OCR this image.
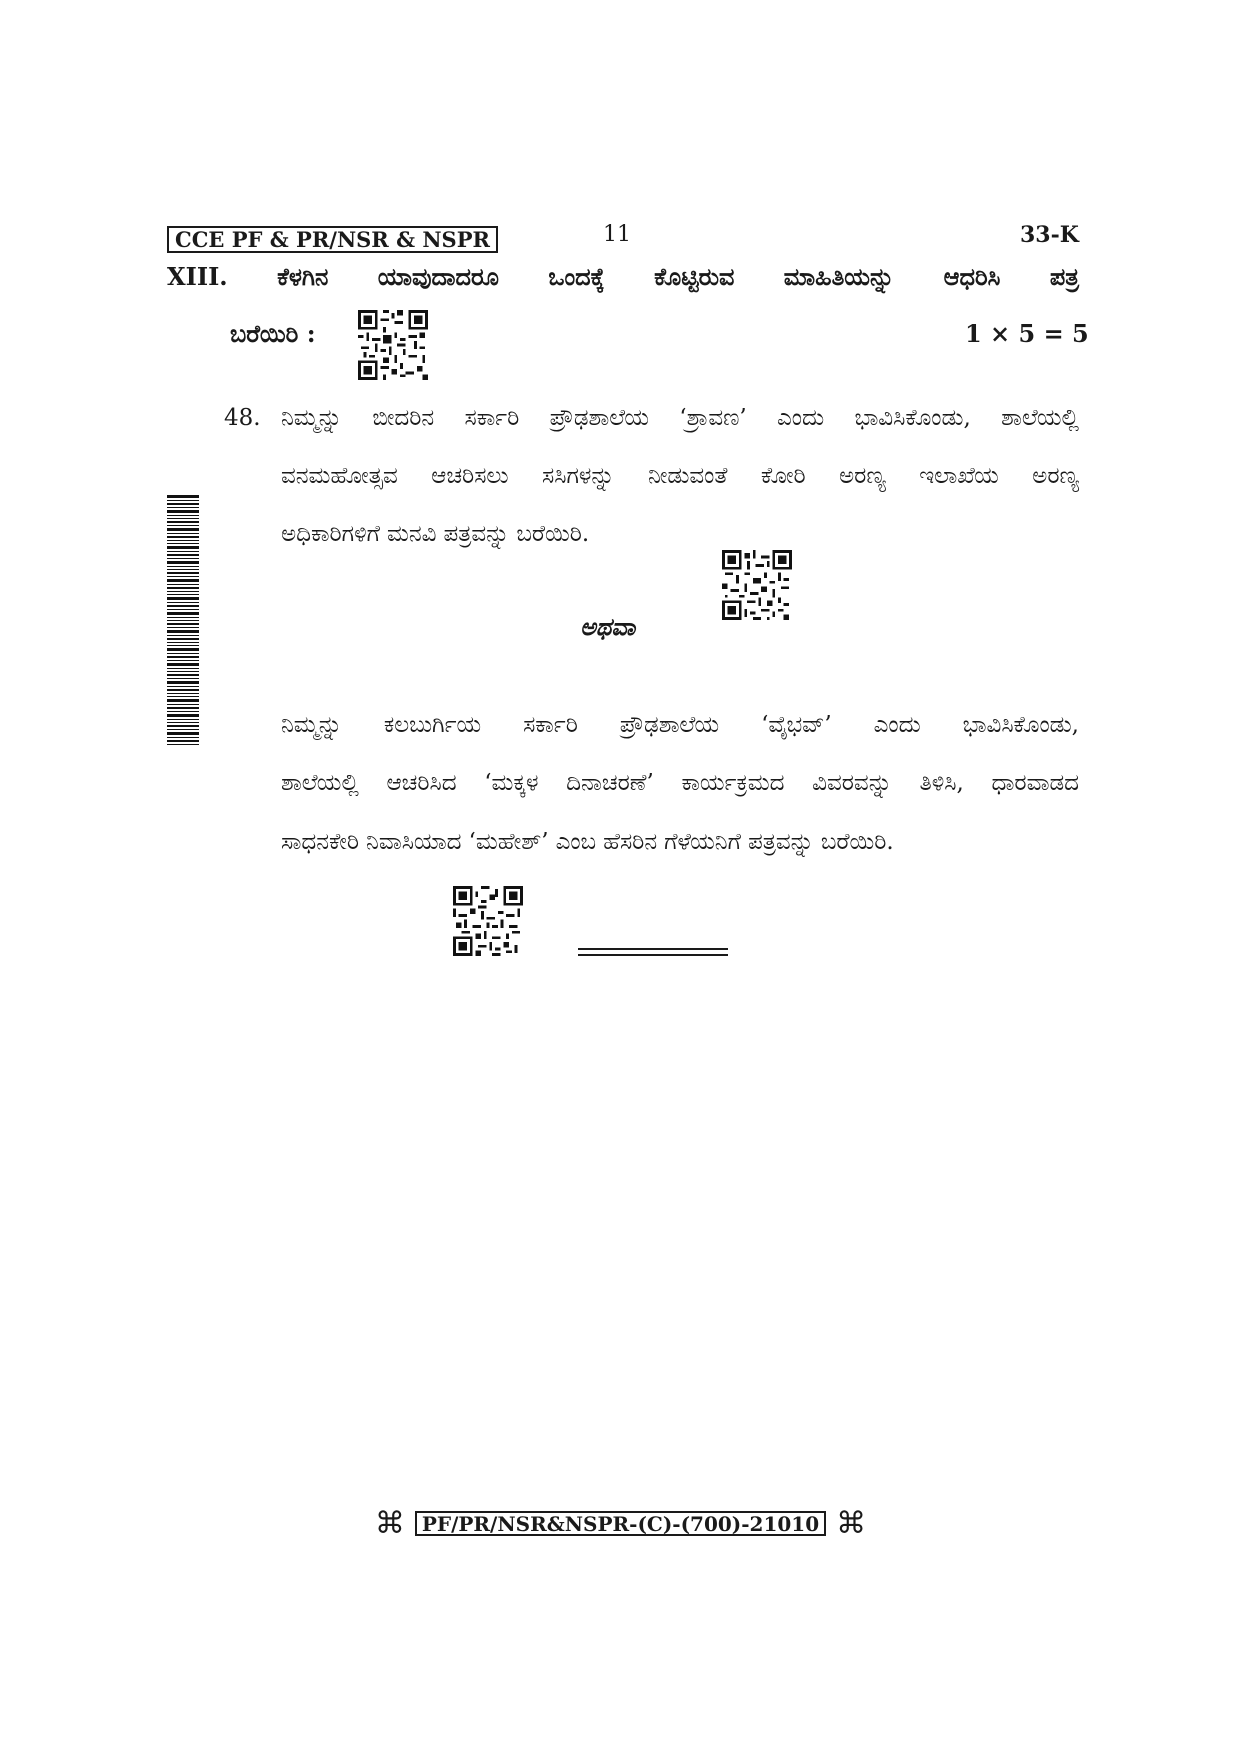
CCE PF & PR/NSR & NSPR	11	33-K
XIII. ಕೆಳಗಿನ ಯಾವುದಾದರೂ ಒಂದಕ್ಕೆ ಕೊಟ್ಟಿರುವ ಮಾಹಿತಿಯನ್ನು ಆಧರಿಸಿ ಪತ್ರ
ಬರೆಯಿರಿ :	1 × 5 = 5
48. ನಿಮ್ಮನ್ನು ಬೀದರಿನ ಸರ್ಕಾರಿ ಪ್ರೌಢಶಾಲೆಯ ‘ಶ್ರಾವಣ’ ಎಂದು ಭಾವಿಸಿಕೊಂಡು, ಶಾಲೆಯಲ್ಲಿ
ವನಮಹೋತ್ಸವ ಆಚರಿಸಲು ಸಸಿಗಳನ್ನು ನೀಡುವಂತೆ ಕೋರಿ ಅರಣ್ಯ ಇಲಾಖೆಯ ಅರಣ್ಯ
ಅಧಿಕಾರಿಗಳಿಗೆ ಮನವಿ ಪತ್ರವನ್ನು ಬರೆಯಿರಿ.
ಅಥವಾ
ನಿಮ್ಮನ್ನು ಕಲಬುರ್ಗಿಯ ಸರ್ಕಾರಿ ಪ್ರೌಢಶಾಲೆಯ ‘ವೈಭವ್’ ಎಂದು ಭಾವಿಸಿಕೊಂಡು,
ಶಾಲೆಯಲ್ಲಿ ಆಚರಿಸಿದ ‘ಮಕ್ಕಳ ದಿನಾಚರಣೆ’ ಕಾರ್ಯಕ್ರಮದ ವಿವರವನ್ನು ತಿಳಿಸಿ, ಧಾರವಾಡದ
ಸಾಧನಕೇರಿ ನಿವಾಸಿಯಾದ ‘ಮಹೇಶ್’ ಎಂಬ ಹೆಸರಿನ ಗೆಳೆಯನಿಗೆ ಪತ್ರವನ್ನು ಬರೆಯಿರಿ.
⌘ PF/PR/NSR&NSPR-(C)-(700)-21010 ⌘
